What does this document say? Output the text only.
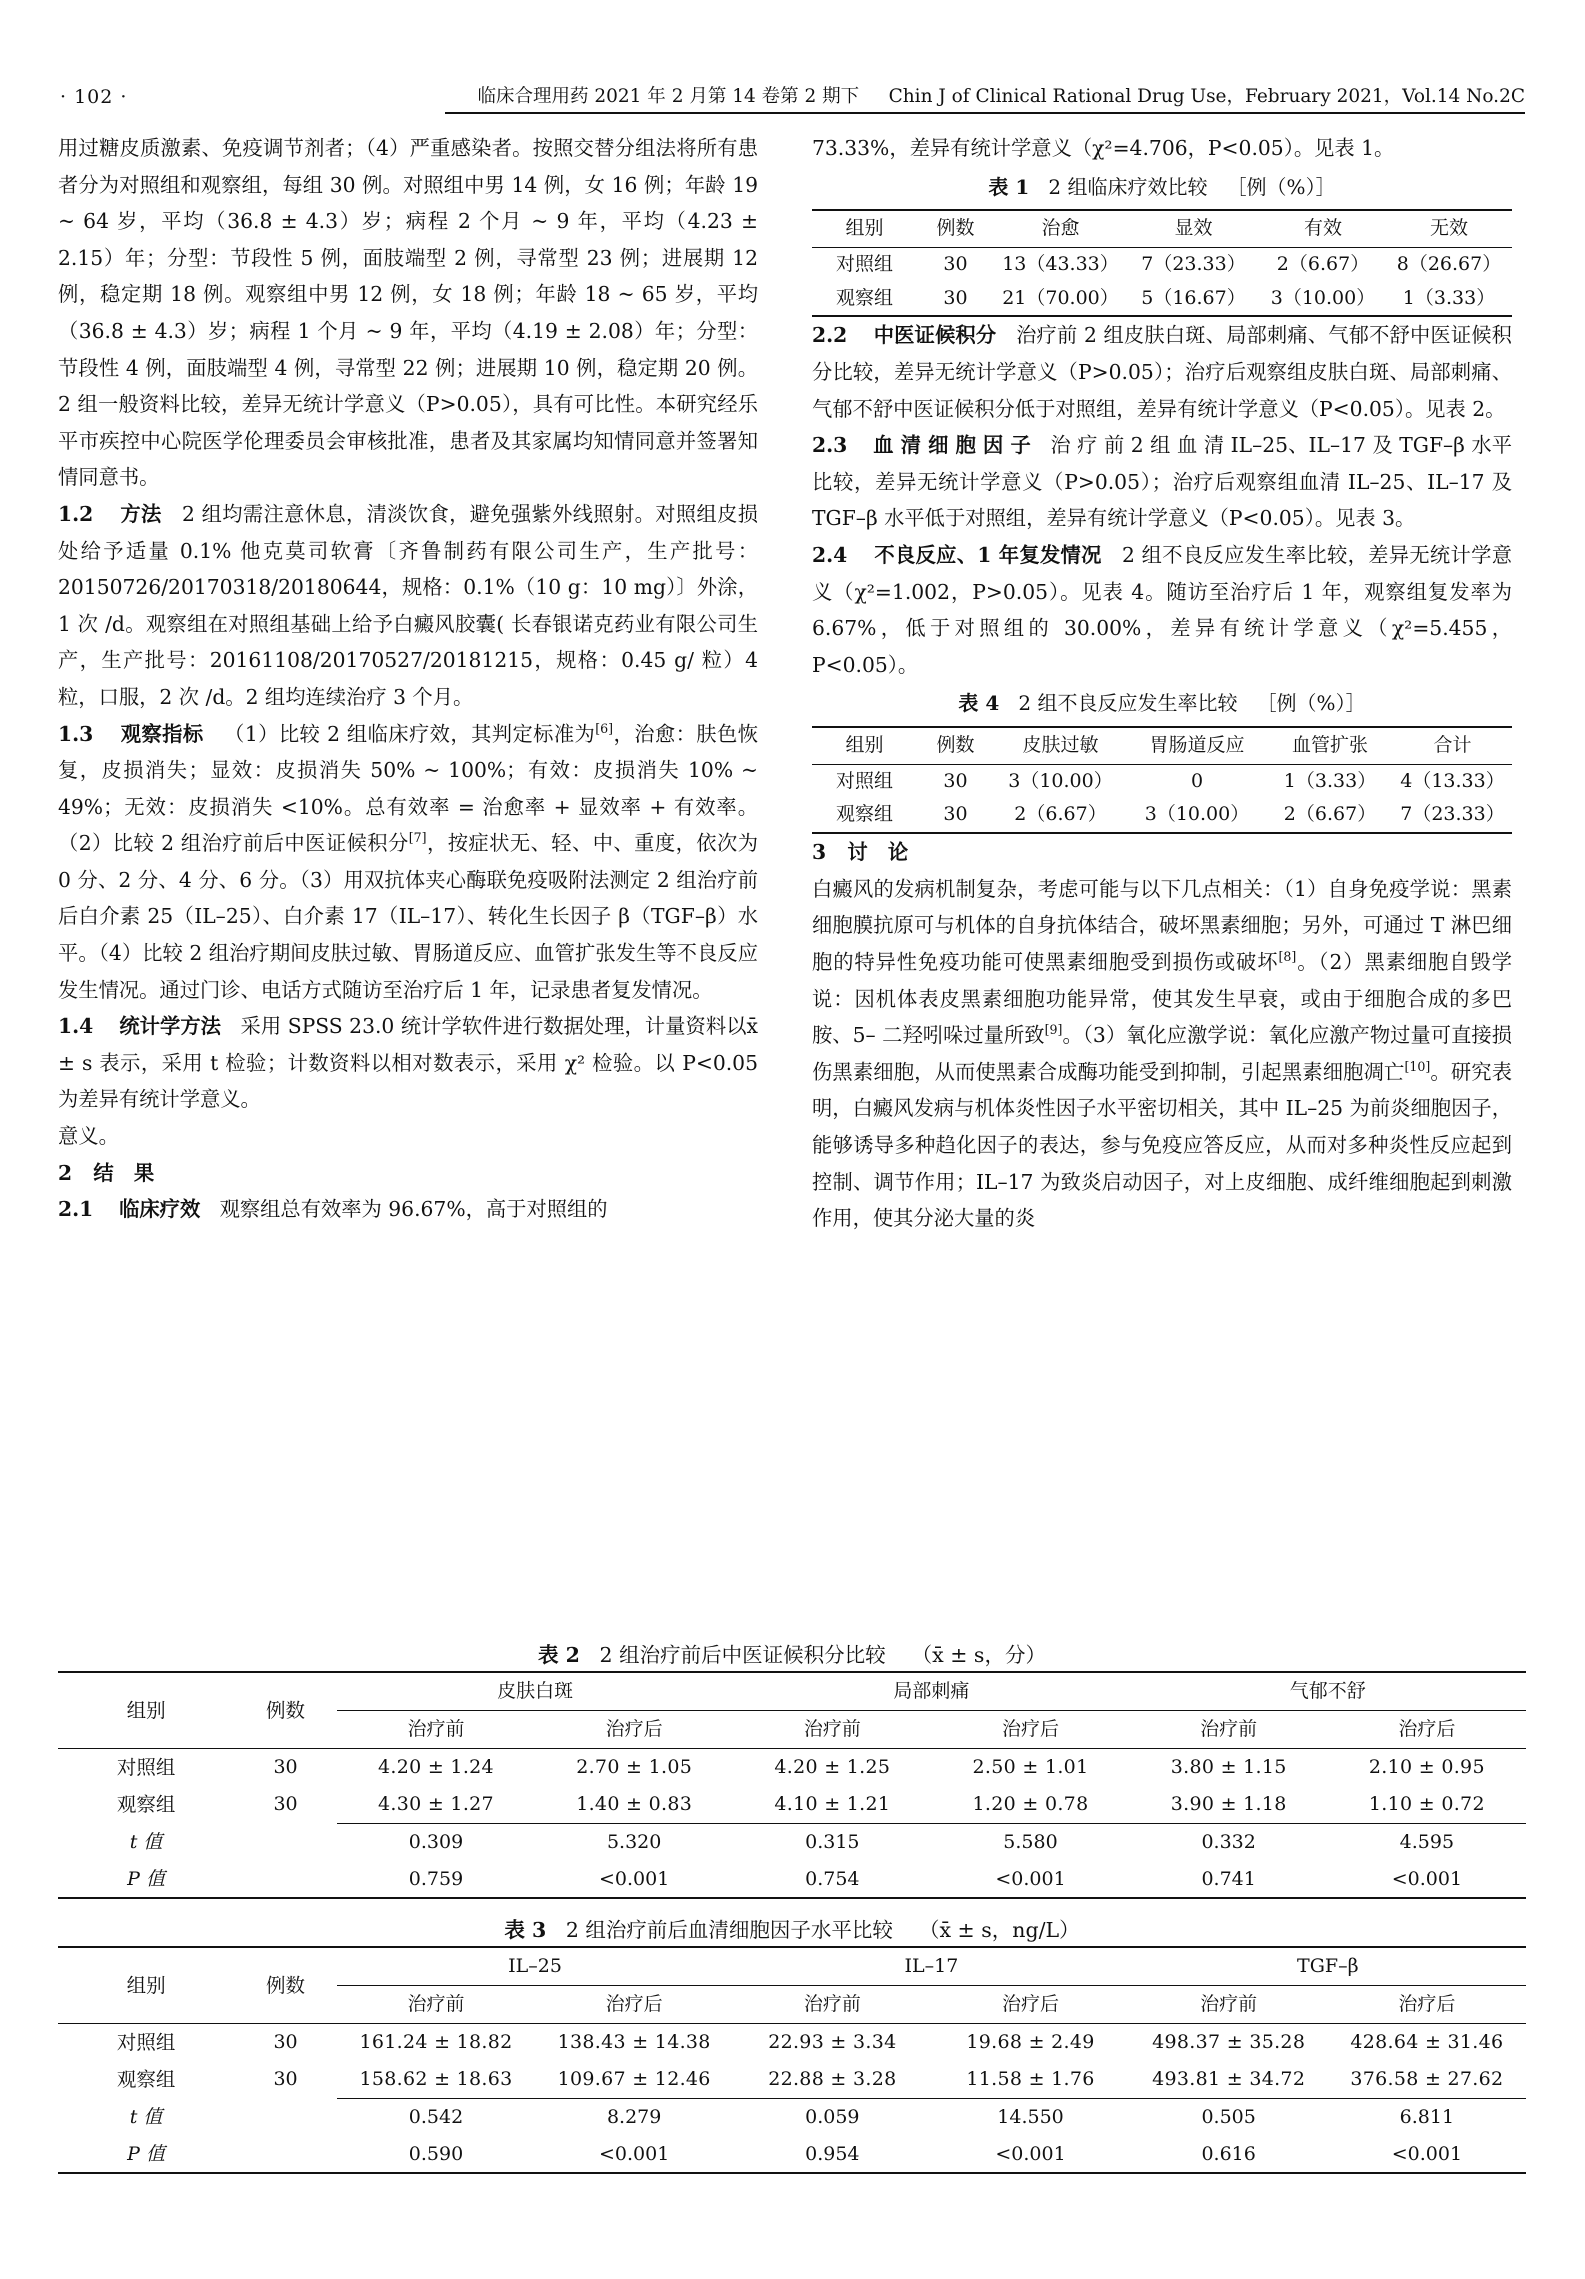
· 102 ·	临床合理用药 2021 年 2 月第 14 卷第 2 期下 Chin J of Clinical Rational Drug Use，February 2021，Vol.14 No.2C

用过糖皮质激素、免疫调节剂者；（4）严重感染者。按照交替分组法将所有患者分为对照组和观察组，每组 30 例。对照组中男 14 例，女 16 例；年龄 19 ~ 64 岁，平均（36.8 ± 4.3）岁；病程 2 个月 ~ 9 年，平均（4.23 ± 2.15）年；分型：节段性 5 例，面肢端型 2 例，寻常型 23 例；进展期 12 例，稳定期 18 例。观察组中男 12 例，女 18 例；年龄 18 ~ 65 岁，平均（36.8 ± 4.3）岁；病程 1 个月 ~ 9 年，平均（4.19 ± 2.08）年；分型：节段性 4 例，面肢端型 4 例，寻常型 22 例；进展期 10 例，稳定期 20 例。2 组一般资料比较，差异无统计学意义（P>0.05），具有可比性。本研究经乐平市疾控中心院医学伦理委员会审核批准，患者及其家属均知情同意并签署知情同意书。

1.2 方法 2 组均需注意休息，清淡饮食，避免强紫外线照射。对照组皮损处给予适量 0.1% 他克莫司软膏〔齐鲁制药有限公司生产，生产批号：20150726/20170318/20180644，规格：0.1%（10 g：10 mg）〕外涂，1 次 /d。观察组在对照组基础上给予白癜风胶囊( 长春银诺克药业有限公司生产，生产批号：20161108/20170527/20181215，规格：0.45 g/ 粒）4 粒，口服，2 次 /d。2 组均连续治疗 3 个月。

1.3 观察指标 （1）比较 2 组临床疗效，其判定标准为[6]，治愈：肤色恢复，皮损消失；显效：皮损消失 50% ~ 100%；有效：皮损消失 10% ~ 49%；无效：皮损消失 <10%。总有效率 = 治愈率 + 显效率 + 有效率。（2）比较 2 组治疗前后中医证候积分[7]，按症状无、轻、中、重度，依次为 0 分、2 分、4 分、6 分。（3）用双抗体夹心酶联免疫吸附法测定 2 组治疗前后白介素 25（IL–25）、白介素 17（IL–17）、转化生长因子 β（TGF–β）水平。（4）比较 2 组治疗期间皮肤过敏、胃肠道反应、血管扩张发生等不良反应发生情况。通过门诊、电话方式随访至治疗后 1 年，记录患者复发情况。

1.4 统计学方法 采用 SPSS 23.0 统计学软件进行数据处理，计量资料以x̄ ± s 表示，采用 t 检验；计数资料以相对数表示，采用 χ² 检验。以 P<0.05 为差异有统计学意义。

意义。

2 结　果

2.1 临床疗效 观察组总有效率为 96.67%，高于对照组的

73.33%，差异有统计学意义（χ²=4.706，P<0.05）。见表 1。

表 1 2 组临床疗效比较 ［例（%）］
组别	例数	治愈	显效	有效	无效
对照组	30	13（43.33）	7（23.33）	2（6.67）	8（26.67）
观察组	30	21（70.00）	5（16.67）	3（10.00）	1（3.33）

2.2 中医证候积分 治疗前 2 组皮肤白斑、局部刺痛、气郁不舒中医证候积分比较，差异无统计学意义（P>0.05）；治疗后观察组皮肤白斑、局部刺痛、气郁不舒中医证候积分低于对照组，差异有统计学意义（P<0.05）。见表 2。

2.3 血 清 细 胞 因 子 治 疗 前 2 组 血 清 IL–25、IL–17 及 TGF–β 水平比较，差异无统计学意义（P>0.05）；治疗后观察组血清 IL–25、IL–17 及 TGF–β 水平低于对照组，差异有统计学意义（P<0.05）。见表 3。

2.4 不良反应、1 年复发情况 2 组不良反应发生率比较，差异无统计学意义（χ²=1.002，P>0.05）。见表 4。随访至治疗后 1 年，观察组复发率为 6.67%，低于对照组的 30.00%，差异有统计学意义（χ²=5.455，P<0.05）。

表 4 2 组不良反应发生率比较 ［例（%）］
组别	例数	皮肤过敏	胃肠道反应	血管扩张	合计
对照组	30	3（10.00）	0	1（3.33）	4（13.33）
观察组	30	2（6.67）	3（10.00）	2（6.67）	7（23.33）

3 讨　论

白癜风的发病机制复杂，考虑可能与以下几点相关：（1）自身免疫学说：黑素细胞膜抗原可与机体的自身抗体结合，破坏黑素细胞；另外，可通过 T 淋巴细胞的特异性免疫功能可使黑素细胞受到损伤或破坏[8]。（2）黑素细胞自毁学说：因机体表皮黑素细胞功能异常，使其发生早衰，或由于细胞合成的多巴胺、5– 二羟吲哚过量所致[9]。（3）氧化应激学说：氧化应激产物过量可直接损伤黑素细胞，从而使黑素合成酶功能受到抑制，引起黑素细胞凋亡[10]。研究表明，白癜风发病与机体炎性因子水平密切相关，其中 IL–25 为前炎细胞因子，能够诱导多种趋化因子的表达，参与免疫应答反应，从而对多种炎性反应起到控制、调节作用；IL–17 为致炎启动因子，对上皮细胞、成纤维细胞起到刺激作用，使其分泌大量的炎

表 2 2 组治疗前后中医证候积分比较 （x̄ ± s，分）
组别	例数	皮肤白斑		局部刺痛		气郁不舒	
		治疗前	治疗后	治疗前	治疗后	治疗前	治疗后
对照组	30	4.20 ± 1.24	2.70 ± 1.05	4.20 ± 1.25	2.50 ± 1.01	3.80 ± 1.15	2.10 ± 0.95
观察组	30	4.30 ± 1.27	1.40 ± 0.83	4.10 ± 1.21	1.20 ± 0.78	3.90 ± 1.18	1.10 ± 0.72
t 值		0.309	5.320	0.315	5.580	0.332	4.595
P 值		0.759	<0.001	0.754	<0.001	0.741	<0.001
表 3 2 组治疗前后血清细胞因子水平比较 （x̄ ± s，ng/L）
组别	例数	IL–25		IL–17		TGF–β	
		治疗前	治疗后	治疗前	治疗后	治疗前	治疗后
对照组	30	161.24 ± 18.82	138.43 ± 14.38	22.93 ± 3.34	19.68 ± 2.49	498.37 ± 35.28	428.64 ± 31.46
观察组	30	158.62 ± 18.63	109.67 ± 12.46	22.88 ± 3.28	11.58 ± 1.76	493.81 ± 34.72	376.58 ± 27.62
t 值		0.542	8.279	0.059	14.550	0.505	6.811
P 值		0.590	<0.001	0.954	<0.001	0.616	<0.001
